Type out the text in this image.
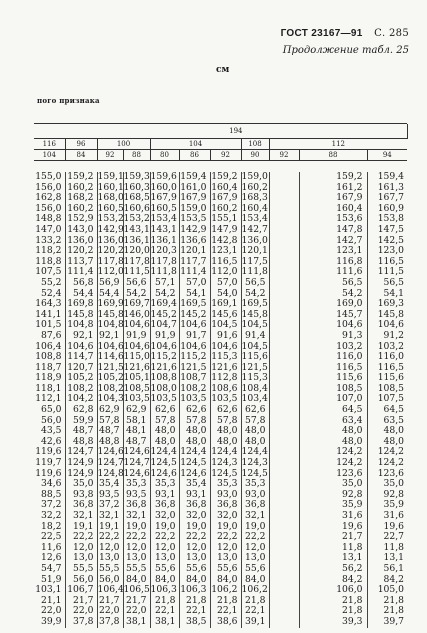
ГОСТ 23167—91 С. 285
Продолжение табл. 25
см
пого признака
	194									
116	96	100		104			108	112		
104	84	92	88	80	86	92	90	92	88	94
155,0	159,2	159,1	159,3	159,6	159,4	159,2	159,0		159,2	159,4
156,0	160,2	160,1	160,3	160,0	161,0	160,4	160,2		161,2	161,3
162,8	168,2	168,0	168,5	167,9	167,9	167,9	168,3		167,9	167,7
156,0	160,2	160,5	160,6	160,5	159,0	160,2	160,4		160,4	160,9
148,8	152,9	153,2	153,2	153,4	153,5	155,1	153,4		153,6	153,8
147,0	143,0	142,9	143,1	143,1	142,9	147,9	142,7		147,8	147,5
133,2	136,0	136,0	136,1	136,1	136,6	142,8	136,0		142,7	142,5
118,2	120,2	120,2	120,0	120,3	120,1	123,1	120,1		123,1	123,0
118,8	113,7	117,8	117,8	117,8	117,7	116,5	117,5		116,8	116,5
107,5	111,4	112,0	111,5	111,8	111,4	112,0	111,8		111,6	111,5
55,2	56,8	56,9	56,6	57,1	57,0	57,0	56,5		56,5	56,5
52,4	54,4	54,4	54,2	54,2	54,1	54,0	54,2		54,2	54,1
164,3	169,8	169,9	169,7	169,4	169,5	169,1	169,5		169,0	169,3
141,1	145,8	145,8	146,0	145,2	145,2	145,6	145,8		145,7	145,8
101,5	104,8	104,8	104,6	104,7	104,6	104,5	104,5		104,6	104,6
87,6	92,1	92,1	91,9	91,9	91,7	91,6	91,4		91,3	91,2
106,4	104,6	104,6	104,6	104,6	104,6	104,6	104,5		103,2	103,2
108,8	114,7	114,6	115,0	115,2	115,2	115,3	115,6		116,0	116,0
118,7	120,7	121,5	121,6	121,6	121,5	121,6	121,5		116,5	116,5
118,9	105,2	105,2	105,1	108,8	108,7	112,8	115,3		115,6	115,6
118,1	108,2	108,2	108,5	108,0	108,2	108,6	108,4		108,5	108,5
112,1	104,2	104,3	103,5	103,5	103,5	103,5	103,4		107,0	107,5
65,0	62,8	62,9	62,9	62,6	62,6	62,6	62,6		64,5	64,5
56,0	59,9	57,8	58,1	57,8	57,8	57,8	57,8		63,4	63,5
43,5	48,7	48,7	48,1	48,0	48,0	48,0	48,0		48,0	48,0
42,6	48,8	48,8	48,7	48,0	48,0	48,0	48,0		48,0	48,0
119,6	124,7	124,6	124,6	124,4	124,4	124,4	124,4		124,2	124,2
119,7	124,9	124,7	124,7	124,5	124,5	124,3	124,3		124,2	124,2
119,6	124,9	124,8	124,6	124,6	124,6	124,5	124,5		123,6	123,6
34,6	35,0	35,4	35,3	35,3	35,4	35,3	35,3		35,0	35,0
88,5	93,8	93,5	93,5	93,1	93,1	93,0	93,0		92,8	92,8
37,2	36,8	37,2	36,8	36,8	36,8	36,8	36,8		35,9	35,9
32,2	32,1	32,1	32,1	32,0	32,0	32,0	32,1		31,6	31,6
18,2	19,1	19,1	19,0	19,0	19,0	19,0	19,0		19,6	19,6
22,5	22,2	22,2	22,2	22,2	22,2	22,2	22,2		21,7	22,7
11,6	12,0	12,0	12,0	12,0	12,0	12,0	12,0		11,8	11,8
12,6	13,0	13,0	13,0	13,0	13,0	13,0	13,0		13,1	13,1
54,7	55,5	55,5	55,5	55,6	55,6	55,6	55,6		56,2	56,1
51,9	56,0	56,0	84,0	84,0	84,0	84,0	84,0		84,2	84,2
103,1	106,7	106,4	106,5	106,3	106,3	106,2	106,2		106,0	105,0
21,1	21,7	21,7	21,7	21,8	21,8	21,8	21,8		21,8	21,8
22,0	22,0	22,0	22,0	22,1	22,1	22,1	22,1		21,8	21,8
39,9	37,8	37,8	38,1	38,1	38,5	38,6	39,1		39,3	39,7
